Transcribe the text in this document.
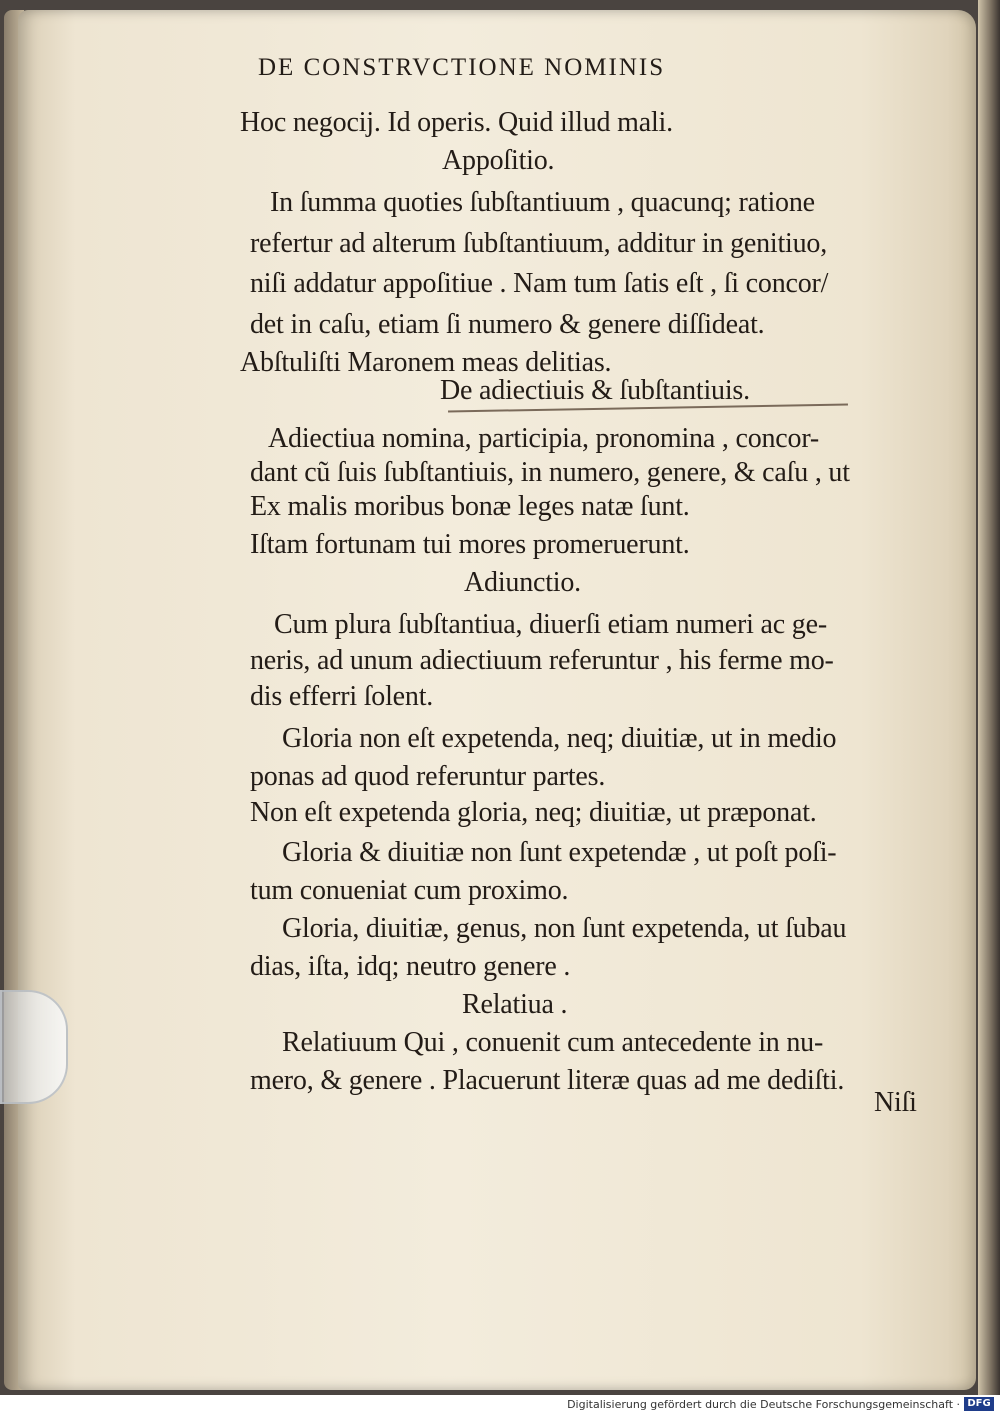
DE CONSTRVCTIONE NOMINIS
Hoc negocij. Id operis. Quid illud mali.
Appoſitio.
In ſumma quoties ſubſtantiuum , quacunq; ratione
refertur ad alterum ſubſtantiuum, additur in genitiuo,
niſi addatur appoſitiue . Nam tum ſatis eſt , ſi concor/
det in caſu, etiam ſi numero & genere diſſideat.
Abſtuliſti Maronem meas delitias.
De adiectiuis & ſubſtantiuis.
Adiectiua nomina, participia, pronomina , concor-
dant cũ ſuis ſubſtantiuis, in numero, genere, & caſu , ut
Ex malis moribus bonæ leges natæ ſunt.
Iſtam fortunam tui mores promeruerunt.
Adiunctio.
Cum plura ſubſtantiua, diuerſi etiam numeri ac ge-
neris, ad unum adiectiuum referuntur , his ferme mo-
dis efferri ſolent.
Gloria non eſt expetenda, neq; diuitiæ, ut in medio
ponas ad quod referuntur partes.
Non eſt expetenda gloria, neq; diuitiæ, ut præponat.
Gloria & diuitiæ non ſunt expetendæ , ut poſt poſi-
tum conueniat cum proximo.
Gloria, diuitiæ, genus, non ſunt expetenda, ut ſubau
dias, iſta, idq; neutro genere .
Relatiua .
Relatiuum Qui , conuenit cum antecedente in nu-
mero, & genere . Placuerunt literæ quas ad me dediſti.
Niſi
Digitalisierung gefördert durch die Deutsche Forschungsgemeinschaft · DFG
